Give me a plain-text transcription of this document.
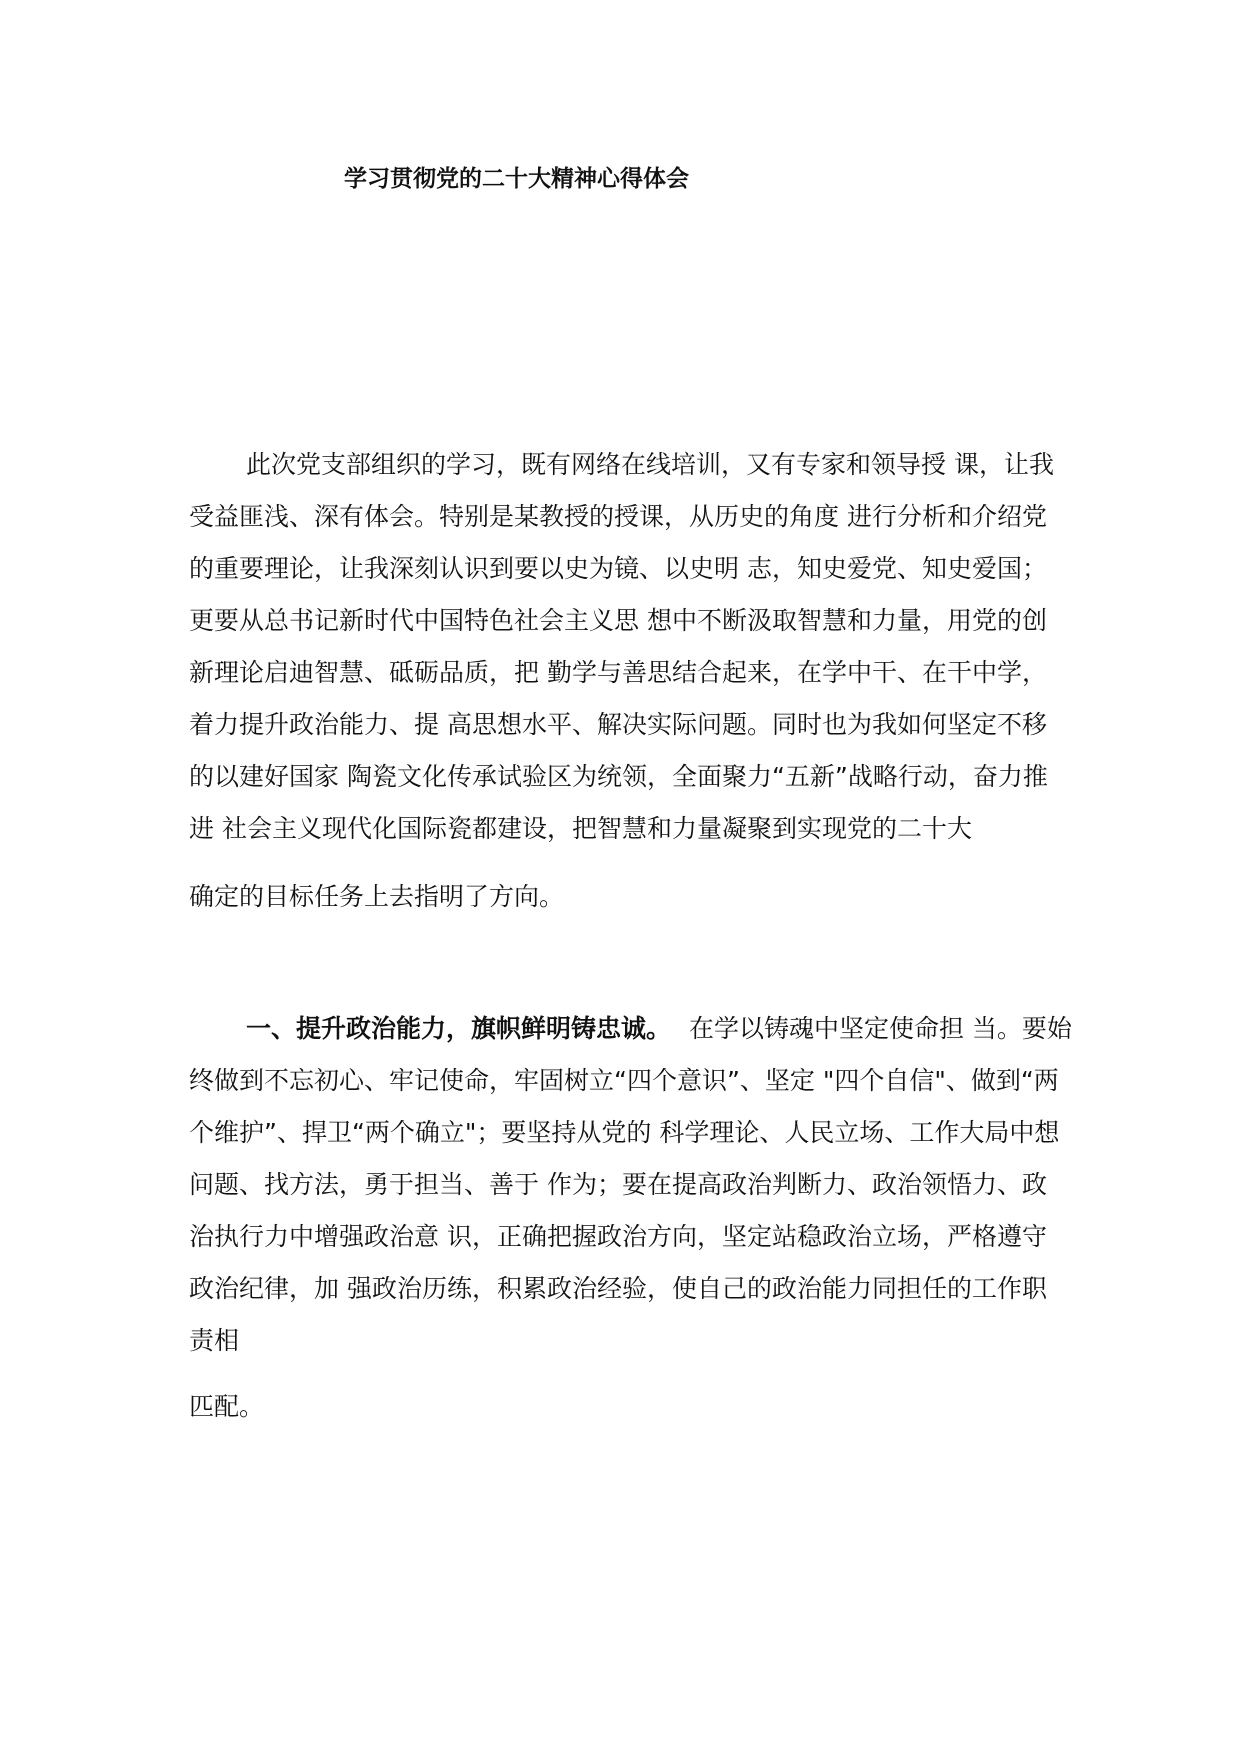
学习贯彻党的二十大精神心得体会
此次党支部组织的学习，既有网络在线培训，又有专家和领导授 课，让我
受益匪浅、深有体会。特别是某教授的授课，从历史的角度 进行分析和介绍党
的重要理论，让我深刻认识到要以史为镜、以史明 志，知史爱党、知史爱国；
更要从总书记新时代中国特色社会主义思 想中不断汲取智慧和力量，用党的创
新理论启迪智慧、砥砺品质，把 勤学与善思结合起来，在学中干、在干中学，
着力提升政治能力、提 高思想水平、解决实际问题。同时也为我如何坚定不移
的以建好国家 陶瓷文化传承试验区为统领，全面聚力“五新”战略行动，奋力推
进 社会主义现代化国际瓷都建设，把智慧和力量凝聚到实现党的二十大
确定的目标任务上去指明了方向。
一、提升政治能力，旗帜鲜明铸忠诚。 在学以铸魂中坚定使命担 当。要始
终做到不忘初心、牢记使命，牢固树立“四个意识”、坚定 "四个自信"、做到“两
个维护”、捍卫“两个确立"；要坚持从党的 科学理论、人民立场、工作大局中想
问题、找方法，勇于担当、善于 作为；要在提高政治判断力、政治领悟力、政
治执行力中增强政治意 识，正确把握政治方向，坚定站稳政治立场，严格遵守
政治纪律，加 强政治历练，积累政治经验，使自己的政治能力同担任的工作职
责相
匹配。
